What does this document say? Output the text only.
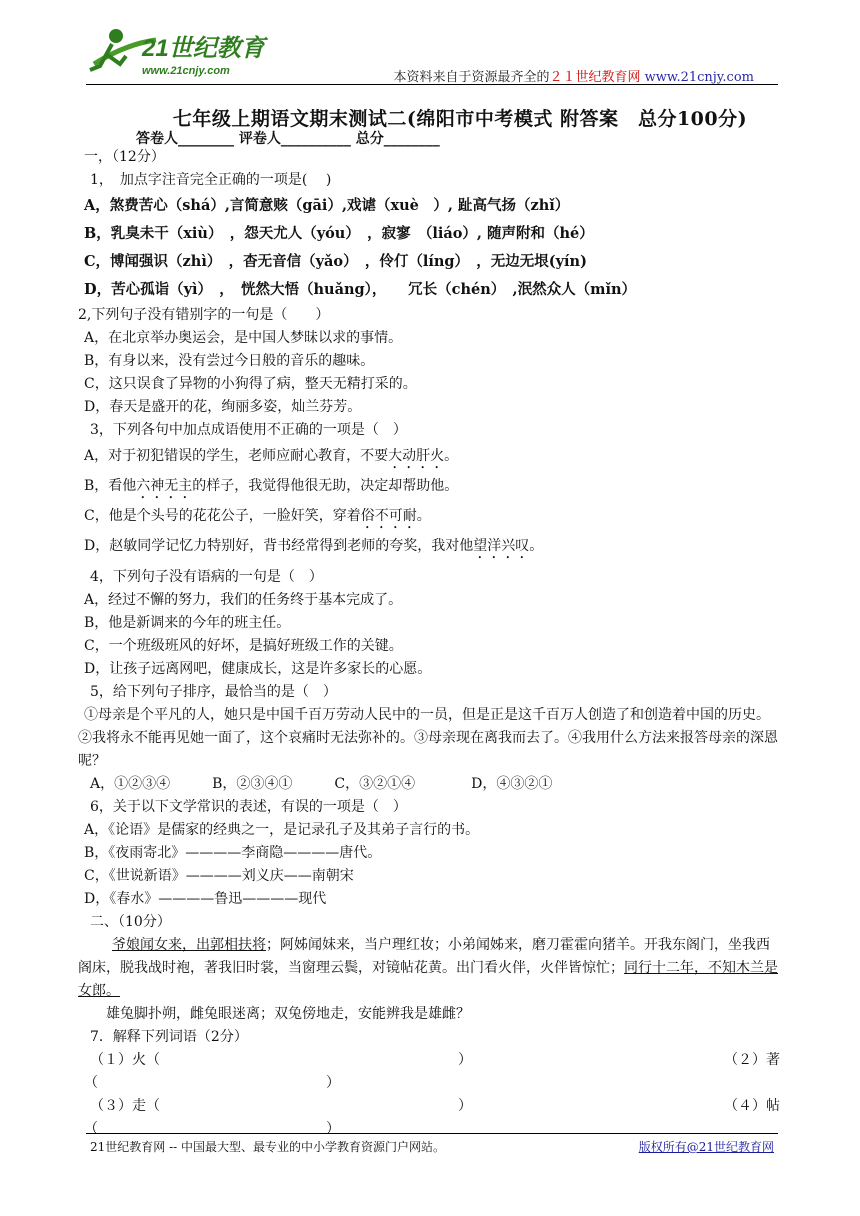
21世纪教育
www.21cnjy.com	本资料来自于资源最齐全的２１世纪教育网 www.21cnjy.com
七年级上期语文期末测试二(绵阳市中考模式 附答案　总分100分)
答卷人________ 评卷人__________ 总分________
一，（12分）
1，　加点字注音完全正确的一项是(　 )
A，煞费苦心（shá）,言简意赅（gāi）,戏谑（xuè　）, 趾高气扬（zhǐ）
B，乳臭未干（xiù）　，怨天尤人（yóu）　，寂寥　（liáo）, 随声附和（hé）
C，博闻强识（zhì）　，杳无音信（yǎo）　，伶仃（líng）　，无边无垠(yín)
D，苦心孤诣（yì）　，　恍然大悟（huǎng），　　冗长（chén）　,泯然众人（mǐn）
2,下列句子没有错别字的一句是（　　）
A，在北京举办奥运会，是中国人梦昧以求的事情。
B，有身以来，没有尝过今日般的音乐的趣味。
C，这只误食了异物的小狗得了病，整天无精打采的。
D，春天是盛开的花，绚丽多姿，灿兰芬芳。
3，下列各句中加点成语使用不正确的一项是（　）
A，对于初犯错误的学生，老师应耐心教育，不要大动肝火。
B，看他六神无主的样子，我觉得他很无助，决定却帮助他。
C，他是个头号的花花公子，一脸奸笑，穿着俗不可耐。
D，赵敏同学记忆力特别好，背书经常得到老师的夸奖，我对他望洋兴叹。
4，下列句子没有语病的一句是（　）
A，经过不懈的努力，我们的任务终于基本完成了。
B，他是新调来的今年的班主任。
C，一个班级班风的好坏，是搞好班级工作的关键。
D，让孩子远离网吧，健康成长，这是许多家长的心愿。
5，给下列句子排序，最恰当的是（　）
①母亲是个平凡的人，她只是中国千百万劳动人民中的一员，但是正是这千百万人创造了和创造着中国的历史。②我将永不能再见她一面了，这个哀痛时无法弥补的。③母亲现在离我而去了。④我用什么方法来报答母亲的深恩呢？
A，①②③④　　　B，②③④①　　　C，③②①④　　　　D，④③②①
6，关于以下文学常识的表述，有误的一项是（　）
A，《论语》是儒家的经典之一，是记录孔子及其弟子言行的书。
B，《夜雨寄北》————李商隐————唐代。
C，《世说新语》————刘义庆——南朝宋
D，《春水》————鲁迅————现代
二、（10分）
爷娘闻女来，出郭相扶将；阿姊闻妹来，当户理红妆；小弟闻姊来，磨刀霍霍向猪羊。开我东阁门，坐我西阁床，脱我战时袍，著我旧时裳，当窗理云鬓，对镜帖花黄。出门看火伴，火伴皆惊忙；同行十二年，不知木兰是女郎。
雄兔脚扑朔，雌兔眼迷离；双兔傍地走，安能辨我是雄雌？
7．解释下列词语（2分）
（１）火（	）	（２）著
（	）
（３）走（	）	（４）帖
（	）
21世纪教育网 -- 中国最大型、最专业的中小学教育资源门户网站。	版权所有@21世纪教育网
